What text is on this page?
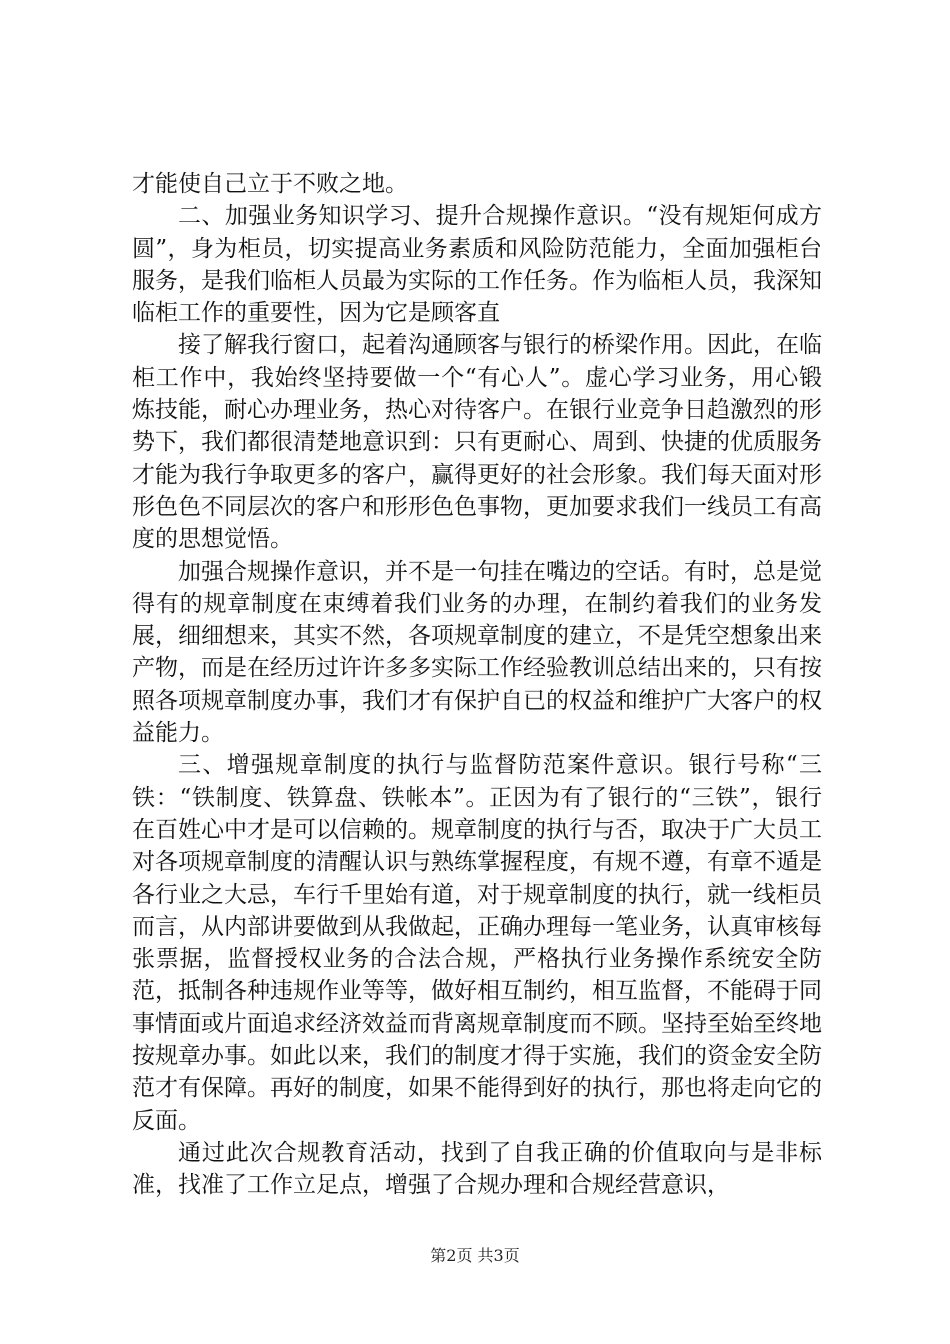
才能使自己立于不败之地。

二、加强业务知识学习、提升合规操作意识。“没有规矩何成方圆”，身为柜员，切实提高业务素质和风险防范能力，全面加强柜台服务，是我们临柜人员最为实际的工作任务。作为临柜人员，我深知临柜工作的重要性，因为它是顾客直

接了解我行窗口，起着沟通顾客与银行的桥梁作用。因此，在临柜工作中，我始终坚持要做一个“有心人”。虚心学习业务，用心锻炼技能，耐心办理业务，热心对待客户。在银行业竞争日趋激烈的形势下，我们都很清楚地意识到：只有更耐心、周到、快捷的优质服务才能为我行争取更多的客户，赢得更好的社会形象。我们每天面对形形色色不同层次的客户和形形色色事物，更加要求我们一线员工有高度的思想觉悟。

加强合规操作意识，并不是一句挂在嘴边的空话。有时，总是觉得有的规章制度在束缚着我们业务的办理，在制约着我们的业务发展，细细想来，其实不然，各项规章制度的建立，不是凭空想象出来产物，而是在经历过许许多多实际工作经验教训总结出来的，只有按照各项规章制度办事，我们才有保护自已的权益和维护广大客户的权益能力。

三、增强规章制度的执行与监督防范案件意识。银行号称“三铁：“铁制度、铁算盘、铁帐本”。正因为有了银行的“三铁”，银行在百姓心中才是可以信赖的。规章制度的执行与否，取决于广大员工对各项规章制度的清醒认识与熟练掌握程度，有规不遵，有章不遁是各行业之大忌，车行千里始有道，对于规章制度的执行，就一线柜员而言，从内部讲要做到从我做起，正确办理每一笔业务，认真审核每张票据，监督授权业务的合法合规，严格执行业务操作系统安全防范，抵制各种违规作业等等，做好相互制约，相互监督，不能碍于同事情面或片面追求经济效益而背离规章制度而不顾。坚持至始至终地按规章办事。如此以来，我们的制度才得于实施，我们的资金安全防范才有保障。再好的制度，如果不能得到好的执行，那也将走向它的反面。

通过此次合规教育活动，找到了自我正确的价值取向与是非标准，找准了工作立足点，增强了合规办理和合规经营意识，

第2页 共3页
